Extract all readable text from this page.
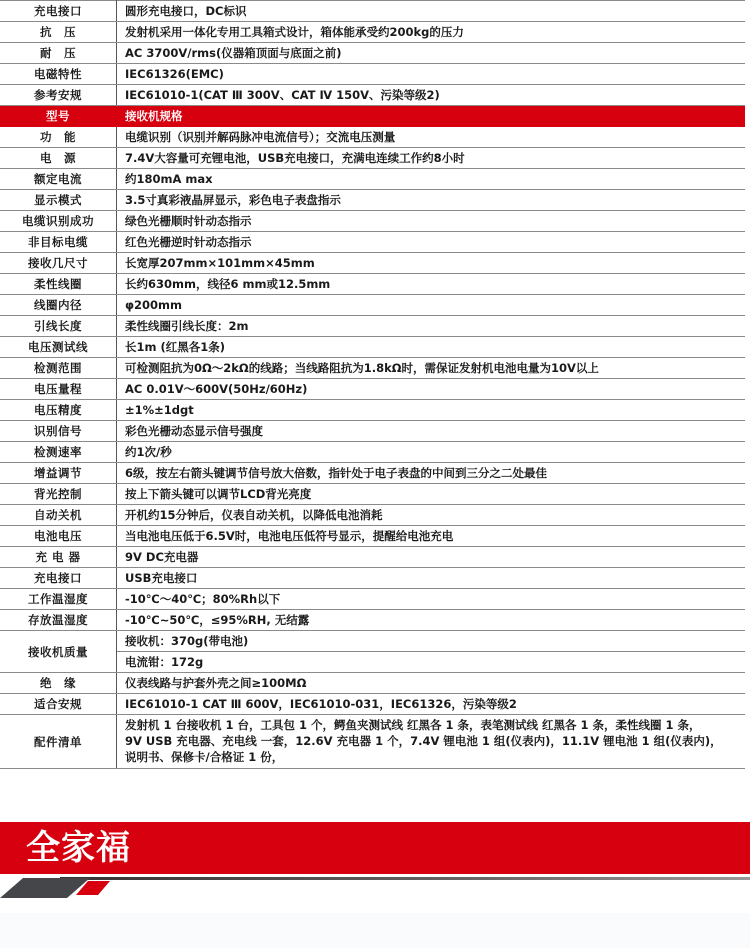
充电接口	圆形充电接口，DC标识
抗　压	发射机采用一体化专用工具箱式设计，箱体能承受约200kg的压力
耐　压	AC 3700V/rms(仪器箱顶面与底面之前)
电磁特性	IEC61326(EMC)
参考安规	IEC61010-1(CAT Ⅲ 300V、CAT Ⅳ 150V、污染等级2)
型号	接收机规格
功　能	电缆识别（识别并解码脉冲电流信号）；交流电压测量
电　源	7.4V大容量可充锂电池，USB充电接口，充满电连续工作约8小时
额定电流	约180mA max
显示模式	3.5寸真彩液晶屏显示，彩色电子表盘指示
电缆识别成功	绿色光栅顺时针动态指示
非目标电缆	红色光栅逆时针动态指示
接收几尺寸	长宽厚207mm×101mm×45mm
柔性线圈	长约630mm，线径6 mm或12.5mm
线圈内径	φ200mm
引线长度	柔性线圈引线长度：2m
电压测试线	长1m (红黑各1条)
检测范围	可检测阻抗为0Ω～2kΩ的线路；当线路阻抗为1.8kΩ时，需保证发射机电池电量为10V以上
电压量程	AC 0.01V～600V(50Hz/60Hz)
电压精度	±1%±1dgt
识别信号	彩色光栅动态显示信号强度
检测速率	约1次/秒
增益调节	6级，按左右箭头键调节信号放大倍数，指针处于电子表盘的中间到三分之二处最佳
背光控制	按上下箭头键可以调节LCD背光亮度
自动关机	开机约15分钟后，仪表自动关机，以降低电池消耗
电池电压	当电池电压低于6.5V时，电池电压低符号显示，提醒给电池充电
充 电 器	9V DC充电器
充电接口	USB充电接口
工作温湿度	-10℃～40℃；80%Rh以下
存放温湿度	-10℃~50℃，≤95%RH, 无结露
接收机质量	接收机：370g(带电池)
	电流钳：172g
绝　缘	仪表线路与护套外壳之间≥100MΩ
适合安规	IEC61010-1 CAT Ⅲ 600V，IEC61010-031，IEC61326，污染等级2
配件清单	发射机 1 台接收机 1 台，工具包 1 个，鳄鱼夹测试线 红黑各 1 条，表笔测试线 红黑各 1 条，柔性线圈 1 条，
9V USB 充电器、充电线 一套，12.6V 充电器 1 个，7.4V 锂电池 1 组(仪表内)，11.1V 锂电池 1 组(仪表内)，
说明书、保修卡/合格证 1 份，
全家福
